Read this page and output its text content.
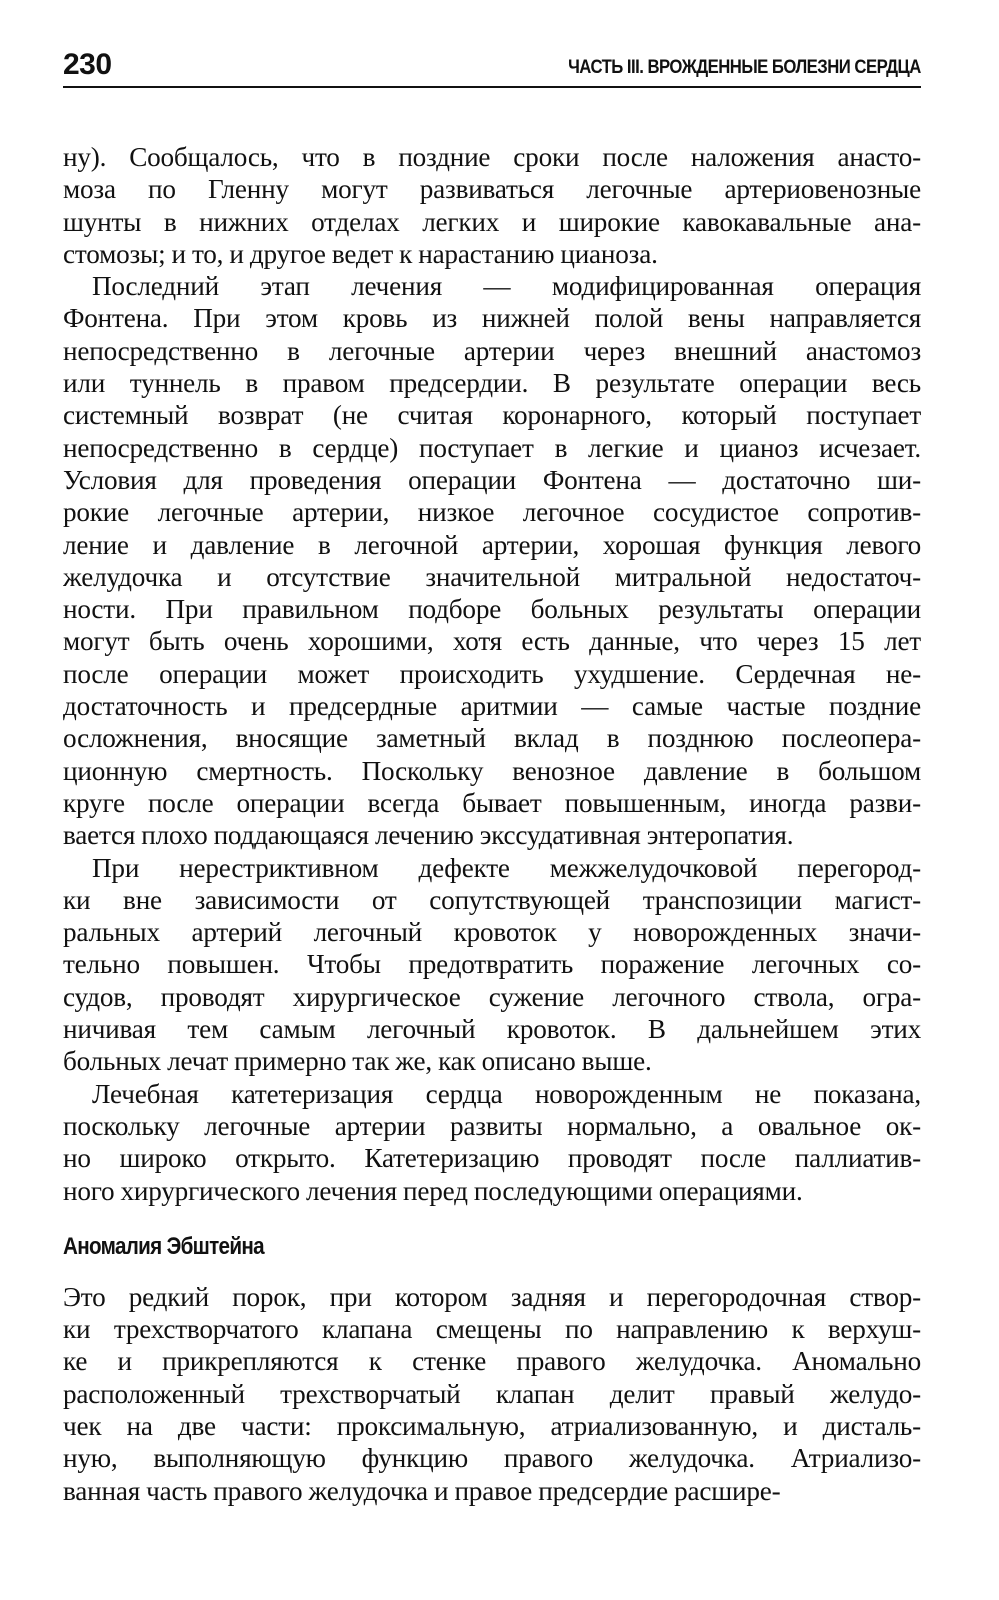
230	ЧАСТЬ III. ВРОЖДЕННЫЕ БОЛЕЗНИ СЕРДЦА

ну). Сообщалось, что в поздние сроки после наложения анасто-
моза по Гленну могут развиваться легочные артериовенозные
шунты в нижних отделах легких и широкие кавокавальные ана-
стомозы; и то, и другое ведет к нарастанию цианоза.

Последний этап лечения — модифицированная операция
Фонтена. При этом кровь из нижней полой вены направляется
непосредственно в легочные артерии через внешний анастомоз
или туннель в правом предсердии. В результате операции весь
системный возврат (не считая коронарного, который поступает
непосредственно в сердце) поступает в легкие и цианоз исчезает.
Условия для проведения операции Фонтена — достаточно ши-
рокие легочные артерии, низкое легочное сосудистое сопротив-
ление и давление в легочной артерии, хорошая функция левого
желудочка и отсутствие значительной митральной недостаточ-
ности. При правильном подборе больных результаты операции
могут быть очень хорошими, хотя есть данные, что через 15 лет
после операции может происходить ухудшение. Сердечная не-
достаточность и предсердные аритмии — самые частые поздние
осложнения, вносящие заметный вклад в позднюю послеопера-
ционную смертность. Поскольку венозное давление в большом
круге после операции всегда бывает повышенным, иногда разви-
вается плохо поддающаяся лечению экссудативная энтеропатия.

При нерестриктивном дефекте межжелудочковой перегород-
ки вне зависимости от сопутствующей транспозиции магист-
ральных артерий легочный кровоток у новорожденных значи-
тельно повышен. Чтобы предотвратить поражение легочных со-
судов, проводят хирургическое сужение легочного ствола, огра-
ничивая тем самым легочный кровоток. В дальнейшем этих
больных лечат примерно так же, как описано выше.

Лечебная катетеризация сердца новорожденным не показана,
поскольку легочные артерии развиты нормально, а овальное ок-
но широко открыто. Катетеризацию проводят после паллиатив-
ного хирургического лечения перед последующими операциями.

Аномалия Эбштейна

Это редкий порок, при котором задняя и перегородочная створ-
ки трехстворчатого клапана смещены по направлению к верхуш-
ке и прикрепляются к стенке правого желудочка. Аномально
расположенный трехстворчатый клапан делит правый желудо-
чек на две части: проксимальную, атриализованную, и дисталь-
ную, выполняющую функцию правого желудочка. Атриализо-
ванная часть правого желудочка и правое предсердие расшире-
